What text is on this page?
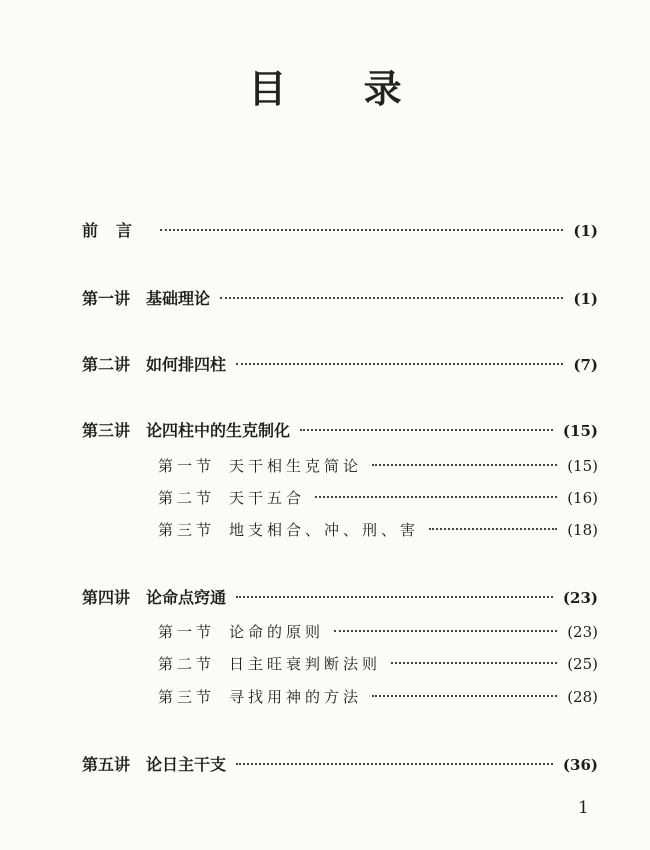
目 录
前言	(1)
第一讲 基础理论	(1)
第二讲 如何排四柱	(7)
第三讲 论四柱中的生克制化	(15)
第一节 天干相生克简论	(15)
第二节 天干五合	(16)
第三节 地支相合、冲、刑、害	(18)
第四讲 论命点窍通	(23)
第一节 论命的原则	(23)
第二节 日主旺衰判断法则	(25)
第三节 寻找用神的方法	(28)
第五讲 论日主干支	(36)
1
